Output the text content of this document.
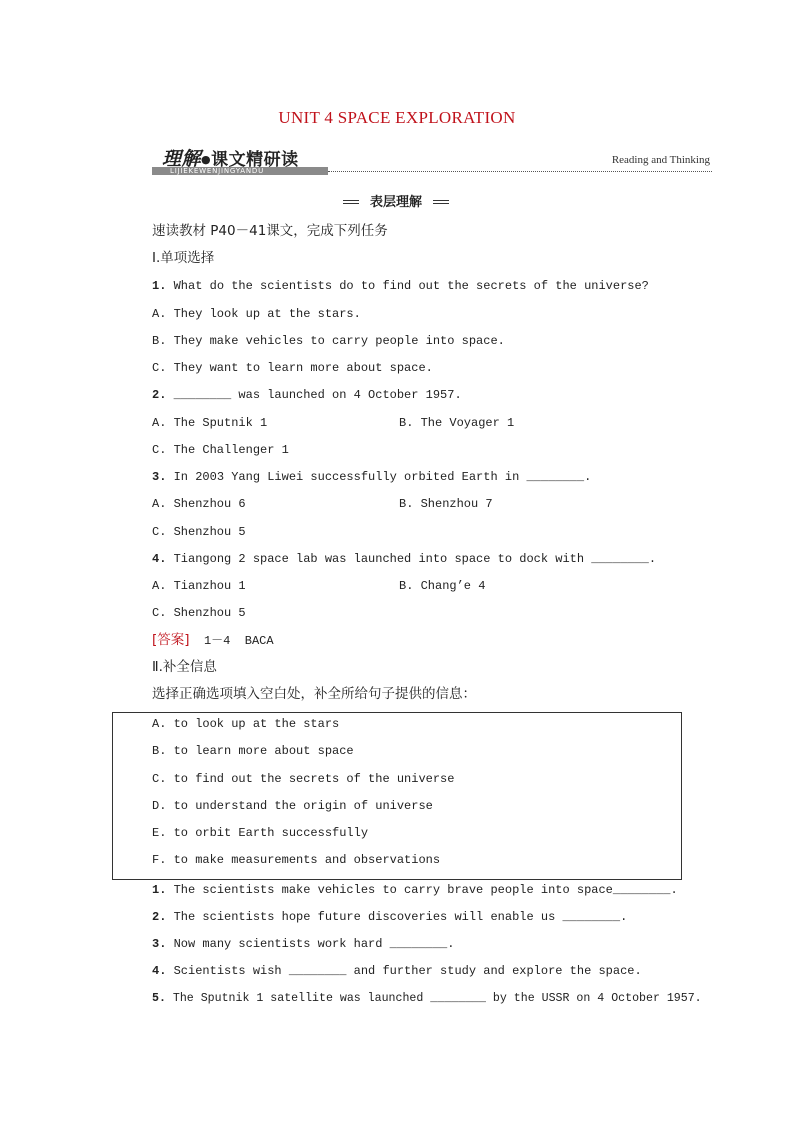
UNIT 4 SPACE EXPLORATION
LIJIEKEWENJINGYANDU
理解●课文精研读	Reading and Thinking
表层理解
速读教材 P40－41课文，完成下列任务
Ⅰ.单项选择
1. What do the scientists do to find out the secrets of the universe?
A. They look up at the stars.
B. They make vehicles to carry people into space.
C. They want to learn more about space.
2. ________ was launched on 4 October 1957.
A. The Sputnik 1	B. The Voyager 1
C. The Challenger 1
3. In 2003 Yang Liwei successfully orbited Earth in ________.
A. Shenzhou 6	B. Shenzhou 7
C. Shenzhou 5
4. Tiangong 2 space lab was launched into space to dock with ________.
A. Tianzhou 1	B. Chang’e 4
C. Shenzhou 5
[答案]  1－4  BACA
Ⅱ.补全信息
选择正确选项填入空白处，补全所给句子提供的信息：
A. to look up at the stars
B. to learn more about space
C. to find out the secrets of the universe
D. to understand the origin of universe
E. to orbit Earth successfully
F. to make measurements and observations
1. The scientists make vehicles to carry brave people into space________.
2. The scientists hope future discoveries will enable us ________.
3. Now many scientists work hard ________.
4. Scientists wish ________ and further study and explore the space.
5. The Sputnik 1 satellite was launched ________ by the USSR on 4 October 1957.
